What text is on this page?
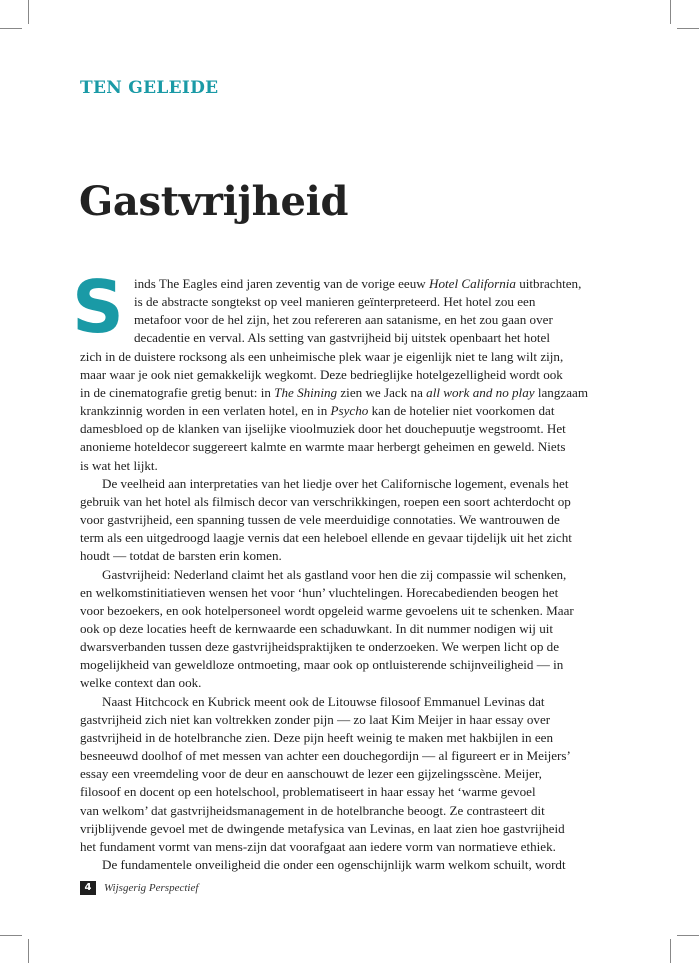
TEN GELEIDE
Gastvrijheid
S inds The Eagles eind jaren zeventig van de vorige eeuw Hotel California uitbrachten,
is de abstracte songtekst op veel manieren geïnterpreteerd. Het hotel zou een
metafoor voor de hel zijn, het zou refereren aan satanisme, en het zou gaan over
decadentie en verval. Als setting van gastvrijheid bij uitstek openbaart het hotel
zich in de duistere rocksong als een unheimische plek waar je eigenlijk niet te lang wilt zijn,
maar waar je ook niet gemakkelijk wegkomt. Deze bedrieglijke hotelgezelligheid wordt ook
in de cinematografie gretig benut: in The Shining zien we Jack na all work and no play langzaam
krankzinnig worden in een verlaten hotel, en in Psycho kan de hotelier niet voorkomen dat
damesbloed op de klanken van ijselijke vioolmuziek door het douchepuutje wegstroomt. Het
anonieme hoteldecor suggereert kalmte en warmte maar herbergt geheimen en geweld. Niets
is wat het lijkt.
De veelheid aan interpretaties van het liedje over het Californische logement, evenals het
gebruik van het hotel als filmisch decor van verschrikkingen, roepen een soort achterdocht op
voor gastvrijheid, een spanning tussen de vele meerduidige connotaties. We wantrouwen de
term als een uitgedroogd laagje vernis dat een heleboel ellende en gevaar tijdelijk uit het zicht
houdt — totdat de barsten erin komen.
Gastvrijheid: Nederland claimt het als gastland voor hen die zij compassie wil schenken,
en welkomstinitiatieven wensen het voor ‘hun’ vluchtelingen. Horecabedienden beogen het
voor bezoekers, en ook hotelpersoneel wordt opgeleid warme gevoelens uit te schenken. Maar
ook op deze locaties heeft de kernwaarde een schaduwkant. In dit nummer nodigen wij uit
dwarsverbanden tussen deze gastvrijheidspraktijken te onderzoeken. We werpen licht op de
mogelijkheid van geweldloze ontmoeting, maar ook op ontluisterende schijnveiligheid — in
welke context dan ook.
Naast Hitchcock en Kubrick meent ook de Litouwse filosoof Emmanuel Levinas dat
gastvrijheid zich niet kan voltrekken zonder pijn — zo laat Kim Meijer in haar essay over
gastvrijheid in de hotelbranche zien. Deze pijn heeft weinig te maken met hakbijlen in een
besneeuwd doolhof of met messen van achter een douchegordijn — al figureert er in Meijers’
essay een vreemdeling voor de deur en aanschouwt de lezer een gijzelingsscène. Meijer,
filosoof en docent op een hotelschool, problematiseert in haar essay het ‘warme gevoel
van welkom’ dat gastvrijheidsmanagement in de hotelbranche beoogt. Ze contrasteert dit
vrijblijvende gevoel met de dwingende metafysica van Levinas, en laat zien hoe gastvrijheid
het fundament vormt van mens-zijn dat voorafgaat aan iedere vorm van normatieve ethiek.
De fundamentele onveiligheid die onder een ogenschijnlijk warm welkom schuilt, wordt
4	Wijsgerig Perspectief
